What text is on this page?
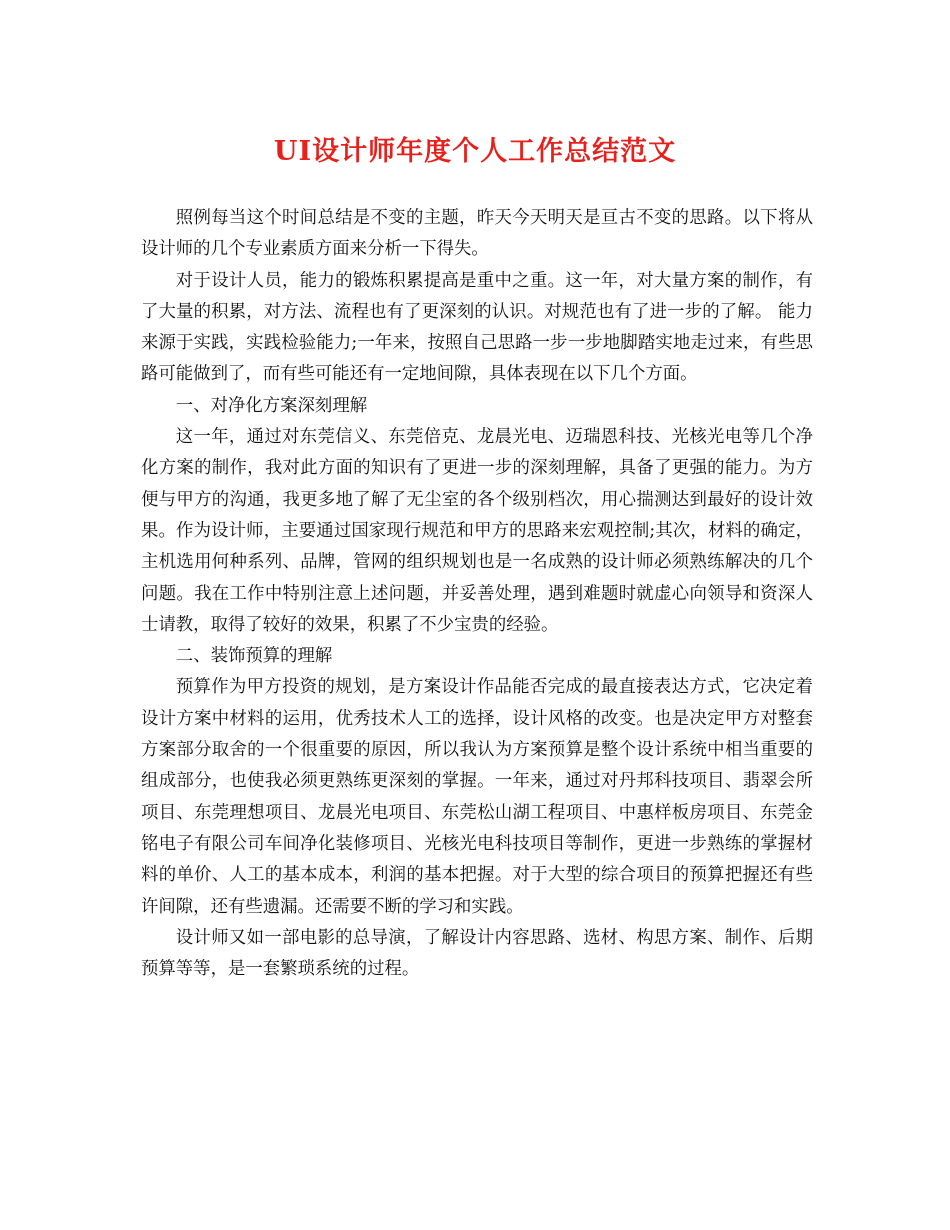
UI设计师年度个人工作总结范文

照例每当这个时间总结是不变的主题，昨天今天明天是亘古不变的思路。以下将从设计师的几个专业素质方面来分析一下得失。

对于设计人员，能力的锻炼积累提高是重中之重。这一年，对大量方案的制作，有了大量的积累，对方法、流程也有了更深刻的认识。对规范也有了进一步的了解。 能力来源于实践，实践检验能力;一年来，按照自己思路一步一步地脚踏实地走过来，有些思路可能做到了，而有些可能还有一定地间隙，具体表现在以下几个方面。

一、对净化方案深刻理解

这一年，通过对东莞信义、东莞倍克、龙晨光电、迈瑞恩科技、光核光电等几个净化方案的制作，我对此方面的知识有了更进一步的深刻理解，具备了更强的能力。为方便与甲方的沟通，我更多地了解了无尘室的各个级别档次，用心揣测达到最好的设计效果。作为设计师，主要通过国家现行规范和甲方的思路来宏观控制;其次，材料的确定，主机选用何种系列、品牌，管网的组织规划也是一名成熟的设计师必须熟练解决的几个问题。我在工作中特别注意上述问题，并妥善处理，遇到难题时就虚心向领导和资深人士请教，取得了较好的效果，积累了不少宝贵的经验。

二、装饰预算的理解

预算作为甲方投资的规划，是方案设计作品能否完成的最直接表达方式，它决定着设计方案中材料的运用，优秀技术人工的选择，设计风格的改变。也是决定甲方对整套方案部分取舍的一个很重要的原因，所以我认为方案预算是整个设计系统中相当重要的组成部分，也使我必须更熟练更深刻的掌握。一年来，通过对丹邦科技项目、翡翠会所项目、东莞理想项目、龙晨光电项目、东莞松山湖工程项目、中惠样板房项目、东莞金铭电子有限公司车间净化装修项目、光核光电科技项目等制作，更进一步熟练的掌握材料的单价、人工的基本成本，利润的基本把握。对于大型的综合项目的预算把握还有些许间隙，还有些遗漏。还需要不断的学习和实践。

设计师又如一部电影的总导演，了解设计内容思路、选材、构思方案、制作、后期预算等等，是一套繁琐系统的过程。
